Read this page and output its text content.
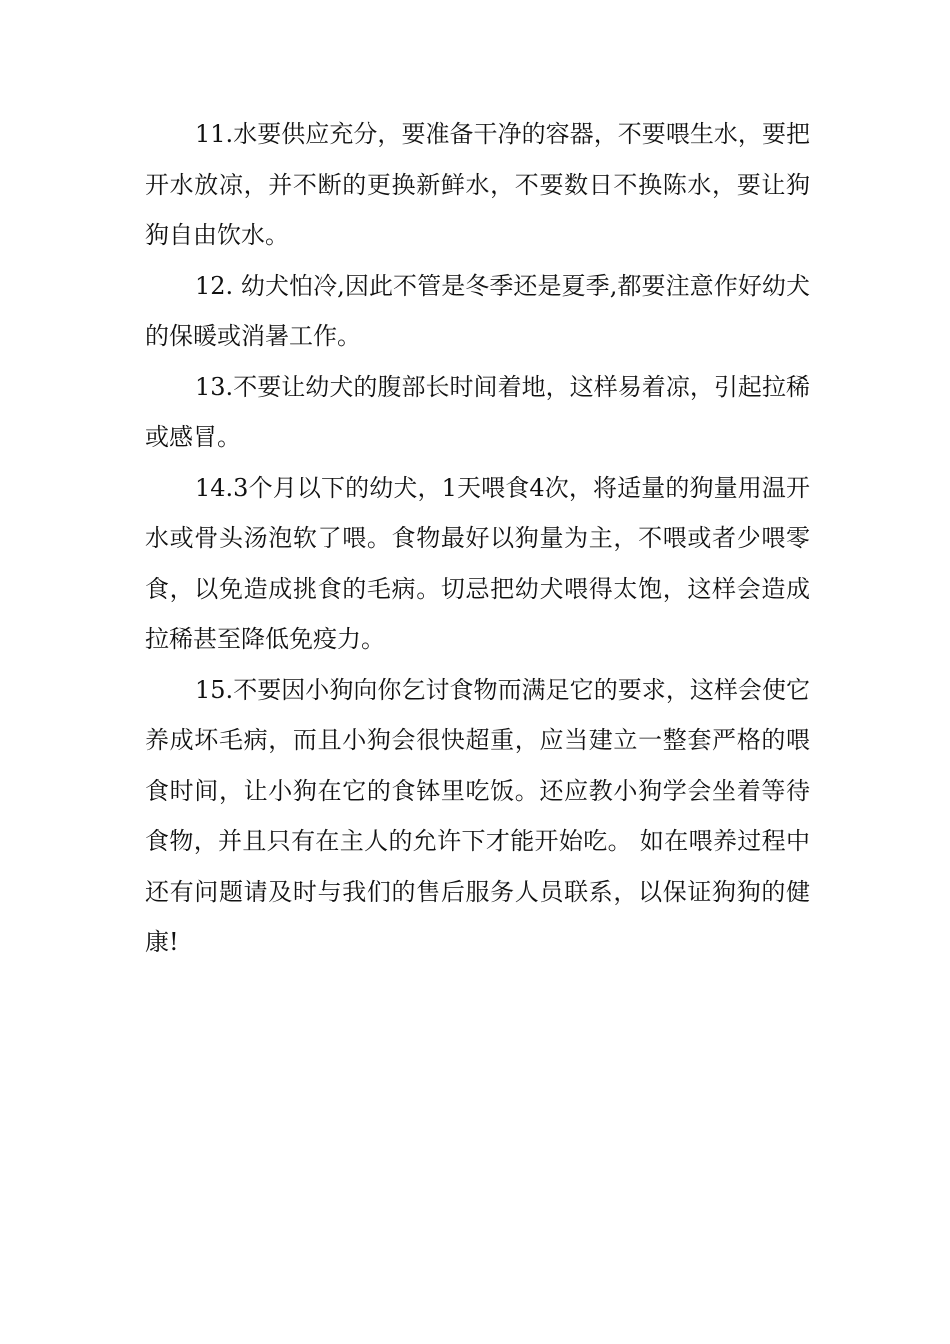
11.水要供应充分，要准备干净的容器，不要喂生水，要把开水放凉，并不断的更换新鲜水，不要数日不换陈水，要让狗狗自由饮水。

12. 幼犬怕冷,因此不管是冬季还是夏季,都要注意作好幼犬的保暖或消暑工作。

13.不要让幼犬的腹部长时间着地，这样易着凉，引起拉稀或感冒。

14.3个月以下的幼犬，1天喂食4次，将适量的狗量用温开水或骨头汤泡软了喂。食物最好以狗量为主，不喂或者少喂零食，以免造成挑食的毛病。切忌把幼犬喂得太饱，这样会造成拉稀甚至降低免疫力。

15.不要因小狗向你乞讨食物而满足它的要求，这样会使它养成坏毛病，而且小狗会很快超重，应当建立一整套严格的喂食时间，让小狗在它的食钵里吃饭。还应教小狗学会坐着等待食物，并且只有在主人的允许下才能开始吃。 如在喂养过程中还有问题请及时与我们的售后服务人员联系，以保证狗狗的健康!
